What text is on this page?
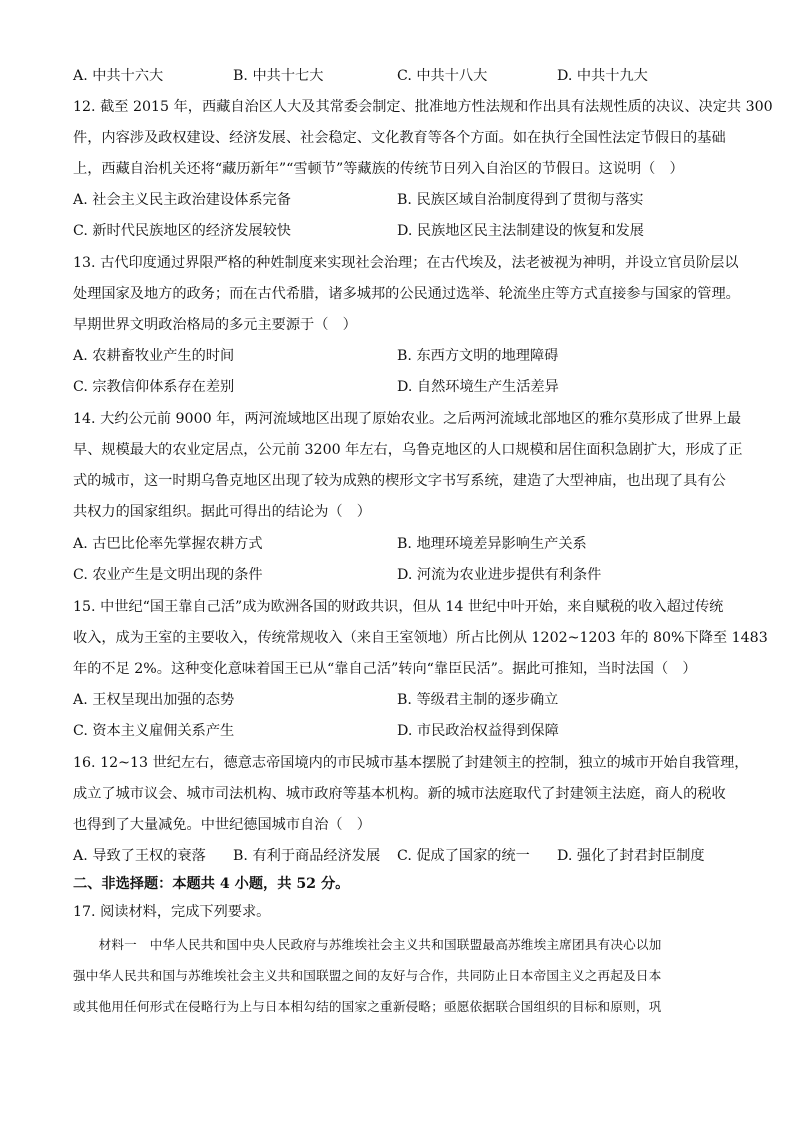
A. 中共十六大	B. 中共十七大	C. 中共十八大	D. 中共十九大
12. 截至 2015 年，西藏自治区人大及其常委会制定、批准地方性法规和作出具有法规性质的决议、决定共 300
件，内容涉及政权建设、经济发展、社会稳定、文化教育等各个方面。如在执行全国性法定节假日的基础
上，西藏自治机关还将“藏历新年”“雪顿节”等藏族的传统节日列入自治区的节假日。这说明（　）
A. 社会主义民主政治建设体系完备	B. 民族区域自治制度得到了贯彻与落实
C. 新时代民族地区的经济发展较快	D. 民族地区民主法制建设的恢复和发展
13. 古代印度通过界限严格的种姓制度来实现社会治理；在古代埃及，法老被视为神明，并设立官员阶层以
处理国家及地方的政务；而在古代希腊，诸多城邦的公民通过选举、轮流坐庄等方式直接参与国家的管理。
早期世界文明政治格局的多元主要源于（　）
A. 农耕畜牧业产生的时间	B. 东西方文明的地理障碍
C. 宗教信仰体系存在差别	D. 自然环境生产生活差异
14. 大约公元前 9000 年，两河流域地区出现了原始农业。之后两河流域北部地区的雅尔莫形成了世界上最
早、规模最大的农业定居点，公元前 3200 年左右，乌鲁克地区的人口规模和居住面积急剧扩大，形成了正
式的城市，这一时期乌鲁克地区出现了较为成熟的楔形文字书写系统，建造了大型神庙，也出现了具有公
共权力的国家组织。据此可得出的结论为（　）
A. 古巴比伦率先掌握农耕方式	B. 地理环境差异影响生产关系
C. 农业产生是文明出现的条件	D. 河流为农业进步提供有利条件
15. 中世纪“国王靠自己活”成为欧洲各国的财政共识，但从 14 世纪中叶开始，来自赋税的收入超过传统
收入，成为王室的主要收入，传统常规收入（来自王室领地）所占比例从 1202~1203 年的 80%下降至 1483
年的不足 2%。这种变化意味着国王已从“靠自己活”转向“靠臣民活”。据此可推知，当时法国（　）
A. 王权呈现出加强的态势	B. 等级君主制的逐步确立
C. 资本主义雇佣关系产生	D. 市民政治权益得到保障
16. 12~13 世纪左右，德意志帝国境内的市民城市基本摆脱了封建领主的控制，独立的城市开始自我管理，
成立了城市议会、城市司法机构、城市政府等基本机构。新的城市法庭取代了封建领主法庭，商人的税收
也得到了大量减免。中世纪德国城市自治（　）
A. 导致了王权的衰落 B. 有利于商品经济发展 C. 促成了国家的统一 D. 强化了封君封臣制度
二、非选择题：本题共 4 小题，共 52 分。
17. 阅读材料，完成下列要求。
　　材料一　中华人民共和国中央人民政府与苏维埃社会主义共和国联盟最高苏维埃主席团具有决心以加
强中华人民共和国与苏维埃社会主义共和国联盟之间的友好与合作，共同防止日本帝国主义之再起及日本
或其他用任何形式在侵略行为上与日本相勾结的国家之重新侵略；亟愿依据联合国组织的目标和原则，巩
